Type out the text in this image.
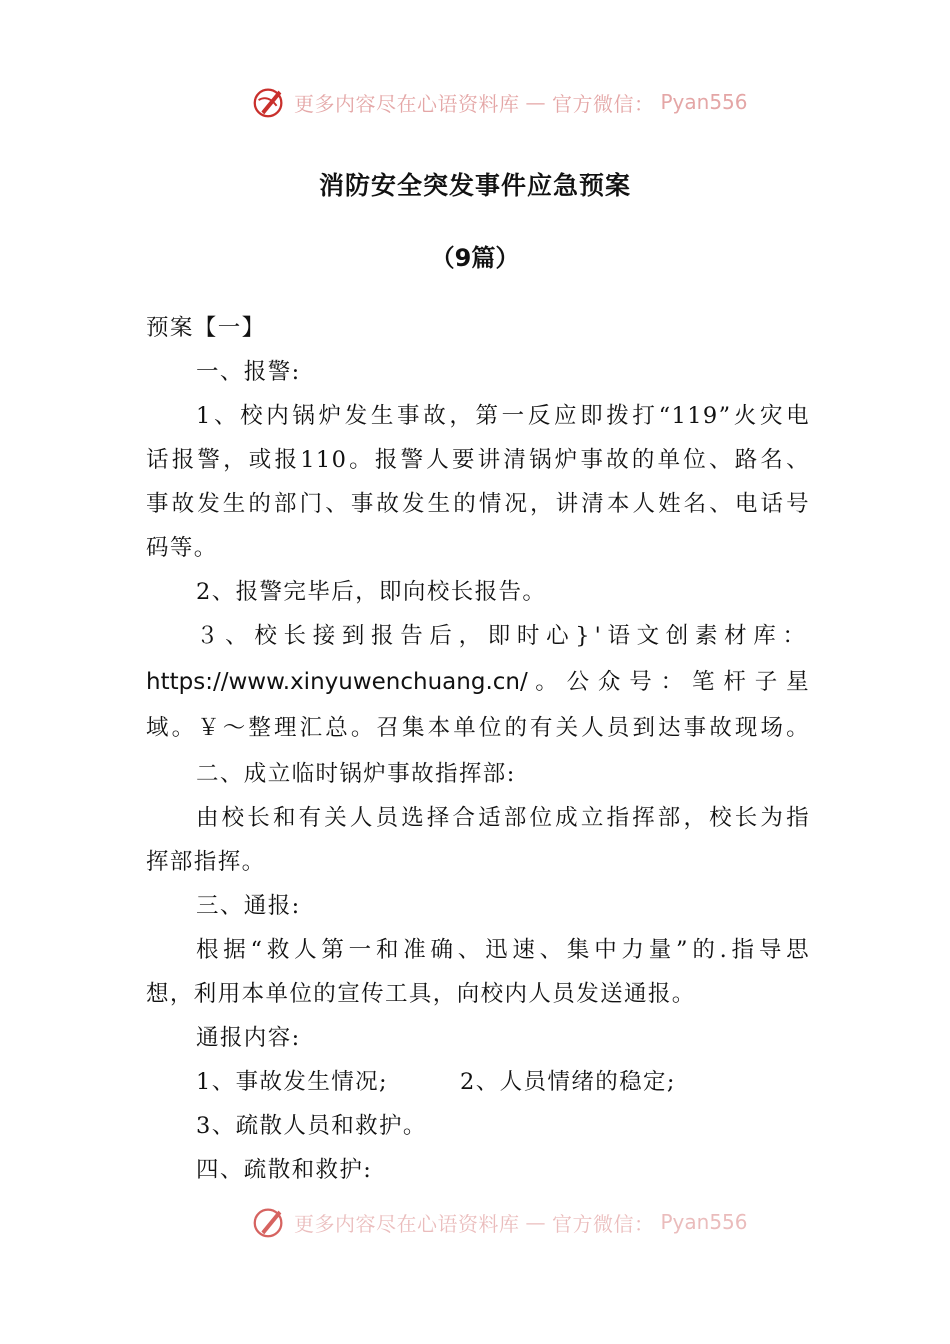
更多内容尽在心语资料库 — 官方微信： Pyan556
消防安全突发事件应急预案
（9篇）
预案【一】
一、报警:
1、校内锅炉发生事故，第一反应即拨打“119”火灾电
话报警，或报110。报警人要讲清锅炉事故的单位、路名、
事故发生的部门、事故发生的情况，讲清本人姓名、电话号
码等。
2、报警完毕后，即向校长报告。
３、校长接到报告后，即时心}'语文创素材库：
https://www.xinyuwenchuang.cn/。公众号：笔杆子星
域。￥～整理汇总。召集本单位的有关人员到达事故现场。
二、成立临时锅炉事故指挥部:
由校长和有关人员选择合适部位成立指挥部，校长为指
挥部指挥。
三、通报:
根据“救人第一和准确、迅速、集中力量”的.指导思
想，利用本单位的宣传工具，向校内人员发送通报。
通报内容:
1、事故发生情况;	2、人员情绪的稳定;
3、疏散人员和救护。
四、疏散和救护:
更多内容尽在心语资料库 — 官方微信： Pyan556
